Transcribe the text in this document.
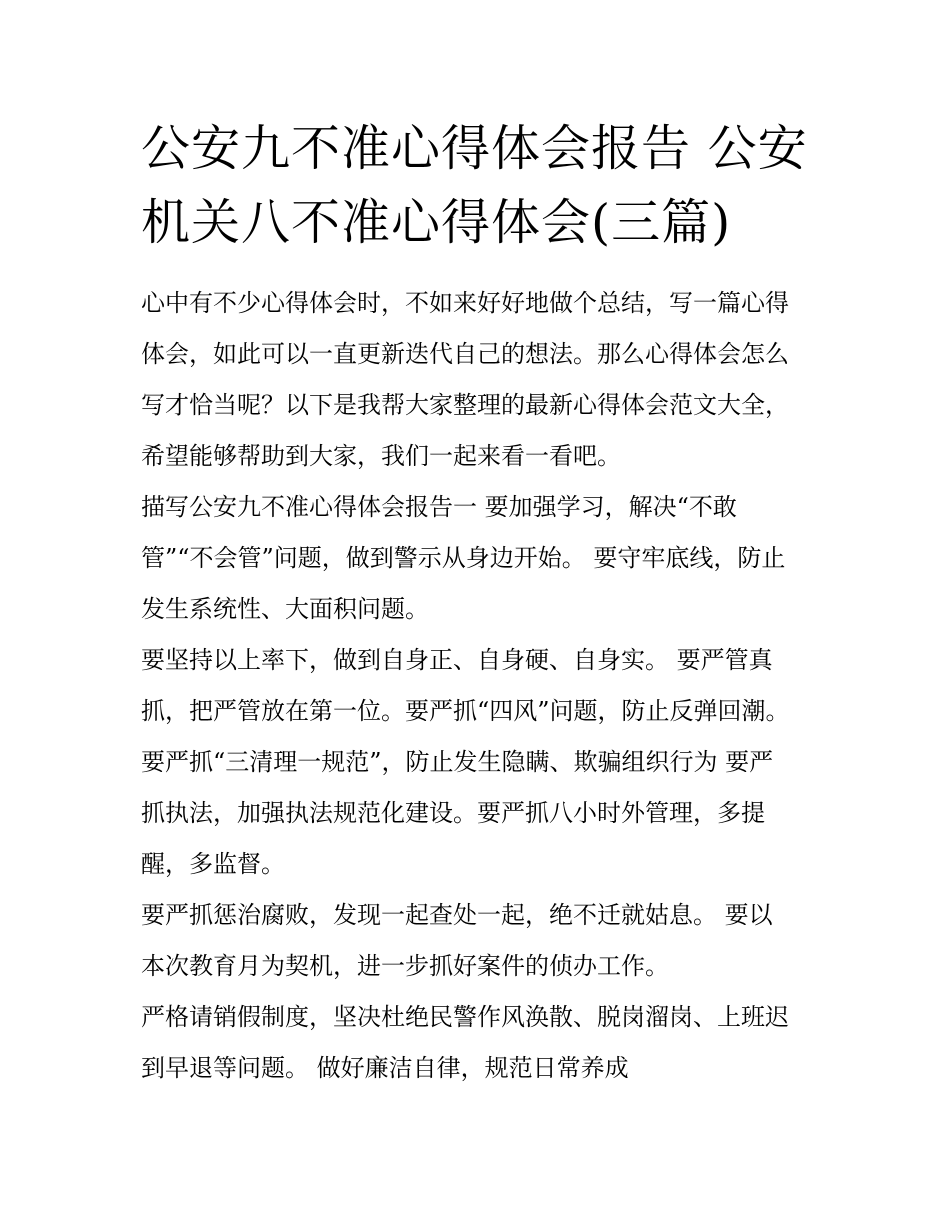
公安九不准心得体会报告 公安
机关八不准心得体会(三篇)
心中有不少心得体会时，不如来好好地做个总结，写一篇心得
体会，如此可以一直更新迭代自己的想法。那么心得体会怎么
写才恰当呢？以下是我帮大家整理的最新心得体会范文大全，
希望能够帮助到大家，我们一起来看一看吧。
描写公安九不准心得体会报告一 要加强学习，解决“不敢
管”“不会管”问题，做到警示从身边开始。 要守牢底线，防止
发生系统性、大面积问题。
要坚持以上率下，做到自身正、自身硬、自身实。 要严管真
抓，把严管放在第一位。要严抓“四风”问题，防止反弹回潮。
要严抓“三清理一规范”，防止发生隐瞒、欺骗组织行为 要严
抓执法，加强执法规范化建设。要严抓八小时外管理，多提
醒，多监督。
要严抓惩治腐败，发现一起查处一起，绝不迁就姑息。 要以
本次教育月为契机，进一步抓好案件的侦办工作。
严格请销假制度，坚决杜绝民警作风涣散、脱岗溜岗、上班迟
到早退等问题。 做好廉洁自律，规范日常养成
